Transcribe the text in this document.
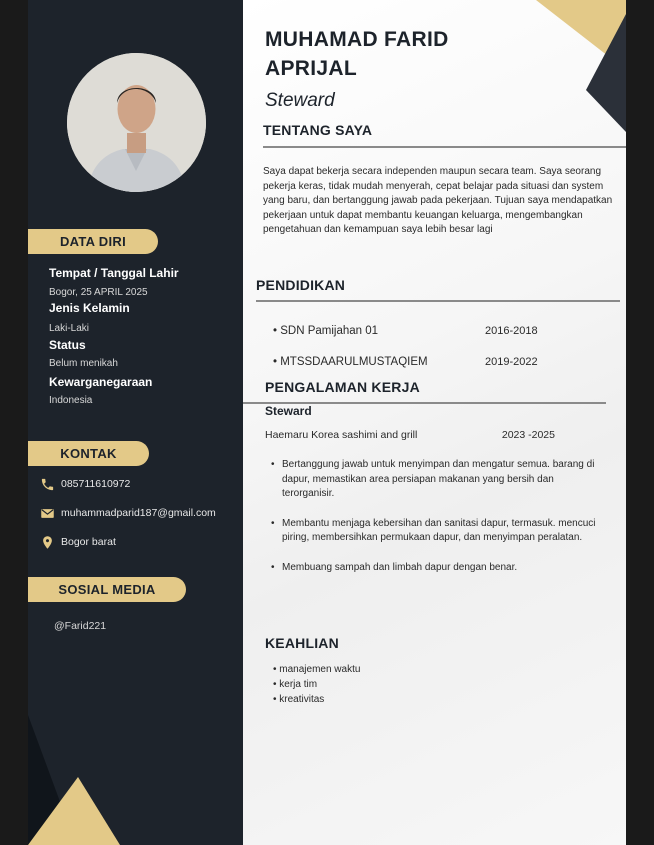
DATA DIRI
Tempat / Tanggal Lahir
Bogor, 25 APRIL 2025
Jenis Kelamin
Laki-Laki
Status
Belum menikah
Kewarganegaraan
Indonesia
KONTAK
085711610972
muhammadparid187@gmail.com
Bogor barat
SOSIAL MEDIA
@Farid221
MUHAMAD FARID
APRIJAL
Steward
TENTANG SAYA
Saya dapat bekerja secara independen maupun secara team. Saya seorang pekerja keras, tidak mudah menyerah, cepat belajar pada situasi dan system yang baru, dan bertanggung jawab pada pekerjaan. Tujuan saya mendapatkan pekerjaan untuk dapat membantu keuangan keluarga, mengembangkan pengetahuan dan kemampuan saya lebih besar lagi
PENDIDIKAN
• SDN Pamijahan 01	2016-2018
• MTSSDAARULMUSTAQIEM	2019-2022
PENGALAMAN KERJA
Steward
Haemaru Korea sashimi and grill	2023 -2025
• Bertanggung jawab untuk menyimpan dan mengatur semua. barang di dapur, memastikan area persiapan makanan yang bersih dan terorganisir.
• Membantu menjaga kebersihan dan sanitasi dapur, termasuk. mencuci piring, membersihkan permukaan dapur, dan menyimpan peralatan.
• Membuang sampah dan limbah dapur dengan benar.
KEAHLIAN
• manajemen waktu
• kerja tim
• kreativitas
